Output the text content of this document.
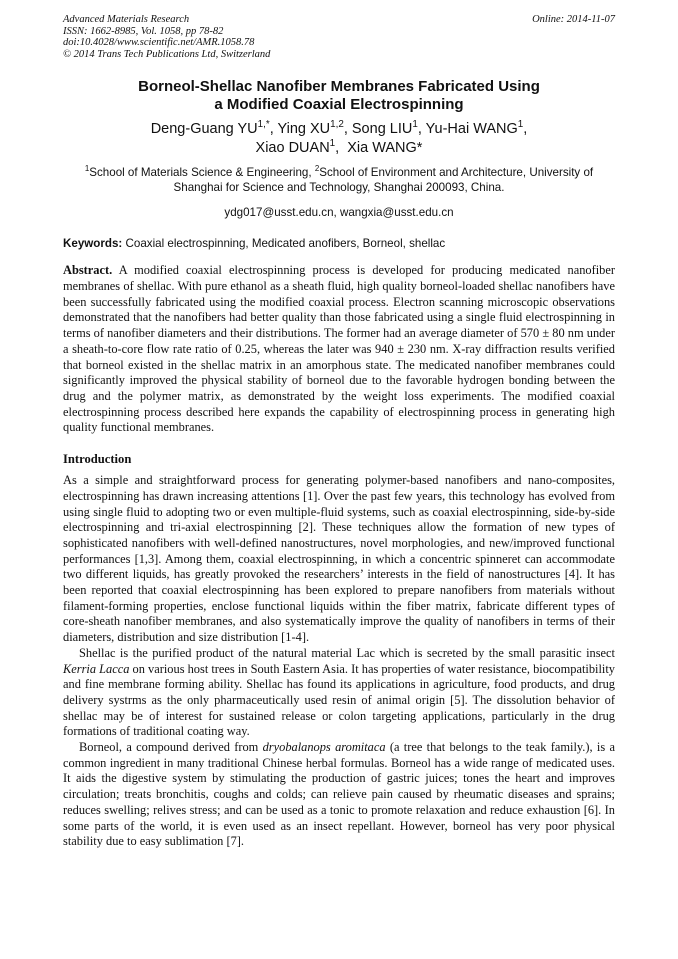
Advanced Materials Research
ISSN: 1662-8985, Vol. 1058, pp 78-82
doi:10.4028/www.scientific.net/AMR.1058.78
© 2014 Trans Tech Publications Ltd, Switzerland
Online: 2014-11-07
Borneol-Shellac Nanofiber Membranes Fabricated Using
a Modified Coaxial Electrospinning
Deng-Guang $YU^{1,*}$, Ying XU$^{1,2}$, Song LIU$^1$, Yu-Hai WANG$^1$,
Xiao DUAN$^1$,  Xia WANG*
$^1$School of Materials Science & Engineering, $^2$School of Environment and Architecture, University of Shanghai for Science and Technology, Shanghai 200093, China.
ydg017@usst.edu.cn, wangxia@usst.edu.cn
Keywords: Coaxial electrospinning, Medicated anofibers, Borneol, shellac
Abstract. A modified coaxial electrospinning process is developed for producing medicated nanofiber membranes of shellac. With pure ethanol as a sheath fluid, high quality borneol-loaded shellac nanofibers have been successfully fabricated using the modified coaxial process. Electron scanning microscopic observations demonstrated that the nanofibers had better quality than those fabricated using a single fluid electrospinning in terms of nanofiber diameters and their distributions. The former had an average diameter of 570 ± 80 nm under a sheath-to-core flow rate ratio of 0.25, whereas the later was 940 ± 230 nm. X-ray diffraction results verified that borneol existed in the shellac matrix in an amorphous state. The medicated nanofiber membranes could significantly improved the physical stability of borneol due to the favorable hydrogen bonding between the drug and the polymer matrix, as demonstrated by the weight loss experiments. The modified coaxial electrospinning process described here expands the capability of electrospinning process in generating high quality functional membranes.
Introduction
As a simple and straightforward process for generating polymer-based nanofibers and nano-composites, electrospinning has drawn increasing attentions [1]. Over the past few years, this technology has evolved from using single fluid to adopting two or even multiple-fluid systems, such as coaxial electrospinning, side-by-side electrospinning and tri-axial electrospinning [2]. These techniques allow the formation of new types of sophisticated nanofibers with well-defined nanostructures, novel morphologies, and new/improved functional performances [1,3]. Among them, coaxial electrospinning, in which a concentric spinneret can accommodate two different liquids, has greatly provoked the researchers’ interests in the field of nanostructures [4]. It has been reported that coaxial electrospinning has been explored to prepare nanofibers from materials without filament-forming properties, enclose functional liquids within the fiber matrix, fabricate different types of core-sheath nanofiber membranes, and also systematically improve the quality of nanofibers in terms of their diameters, distribution and size distribution [1-4].
Shellac is the purified product of the natural material Lac which is secreted by the small parasitic insect Kerria Lacca on various host trees in South Eastern Asia. It has properties of water resistance, biocompatibility and fine membrane forming ability. Shellac has found its applications in agriculture, food products, and drug delivery systrms as the only pharmaceutically used resin of animal origin [5]. The dissolution behavior of shellac may be of interest for sustained release or colon targeting applications, particularly in the drug formations of traditional coating way.
Borneol, a compound derived from dryobalanops aromitaca (a tree that belongs to the teak family.), is a common ingredient in many traditional Chinese herbal formulas. Borneol has a wide range of medicated uses. It aids the digestive system by stimulating the production of gastric juices; tones the heart and improves circulation; treats bronchitis, coughs and colds; can relieve pain caused by rheumatic diseases and sprains; reduces swelling; relives stress; and can be used as a tonic to promote relaxation and reduce exhaustion [6]. In some parts of the world, it is even used as an insect repellant. However, borneol has very poor physical stability due to easy sublimation [7].
